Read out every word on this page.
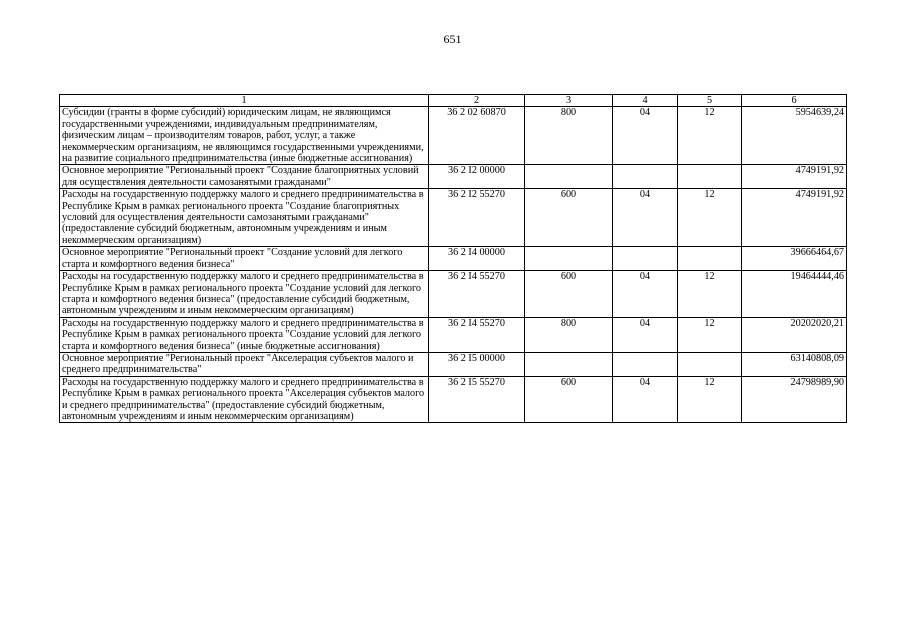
651
1	2	3	4	5	6
Субсидии (гранты в форме субсидий) юридическим лицам, не являющимся государственными учреждениями, индивидуальным предпринимателям, физическим лицам – производителям товаров, работ, услуг, а также некоммерческим организациям, не являющимся государственными учреждениями, на развитие социального предпринимательства (иные бюджетные ассигнования)	36 2 02 60870	800	04	12	5954639,24
Основное мероприятие "Региональный проект "Создание благоприятных условий для осуществления деятельности самозанятыми гражданами"	36 2 I2 00000				4749191,92
Расходы на государственную поддержку малого и среднего предпринимательства в Республике Крым в рамках регионального проекта "Создание благоприятных условий для осуществления деятельности самозанятыми гражданами" (предоставление субсидий бюджетным, автономным учреждениям и иным некоммерческим организациям)	36 2 I2 55270	600	04	12	4749191,92
Основное мероприятие "Региональный проект "Создание условий для легкого старта и комфортного ведения бизнеса"	36 2 I4 00000				39666464,67
Расходы на государственную поддержку малого и среднего предпринимательства в Республике Крым в рамках регионального проекта "Создание условий для легкого старта и комфортного ведения бизнеса" (предоставление субсидий бюджетным, автономным учреждениям и иным некоммерческим организациям)	36 2 I4 55270	600	04	12	19464444,46
Расходы на государственную поддержку малого и среднего предпринимательства в Республике Крым в рамках регионального проекта "Создание условий для легкого старта и комфортного ведения бизнеса" (иные бюджетные ассигнования)	36 2 I4 55270	800	04	12	20202020,21
Основное мероприятие "Региональный проект "Акселерация субъектов малого и среднего предпринимательства"	36 2 I5 00000				63140808,09
Расходы на государственную поддержку малого и среднего предпринимательства в Республике Крым в рамках регионального проекта "Акселерация субъектов малого и среднего предпринимательства" (предоставление субсидий бюджетным, автономным учреждениям и иным некоммерческим организациям)	36 2 I5 55270	600	04	12	24798989,90
